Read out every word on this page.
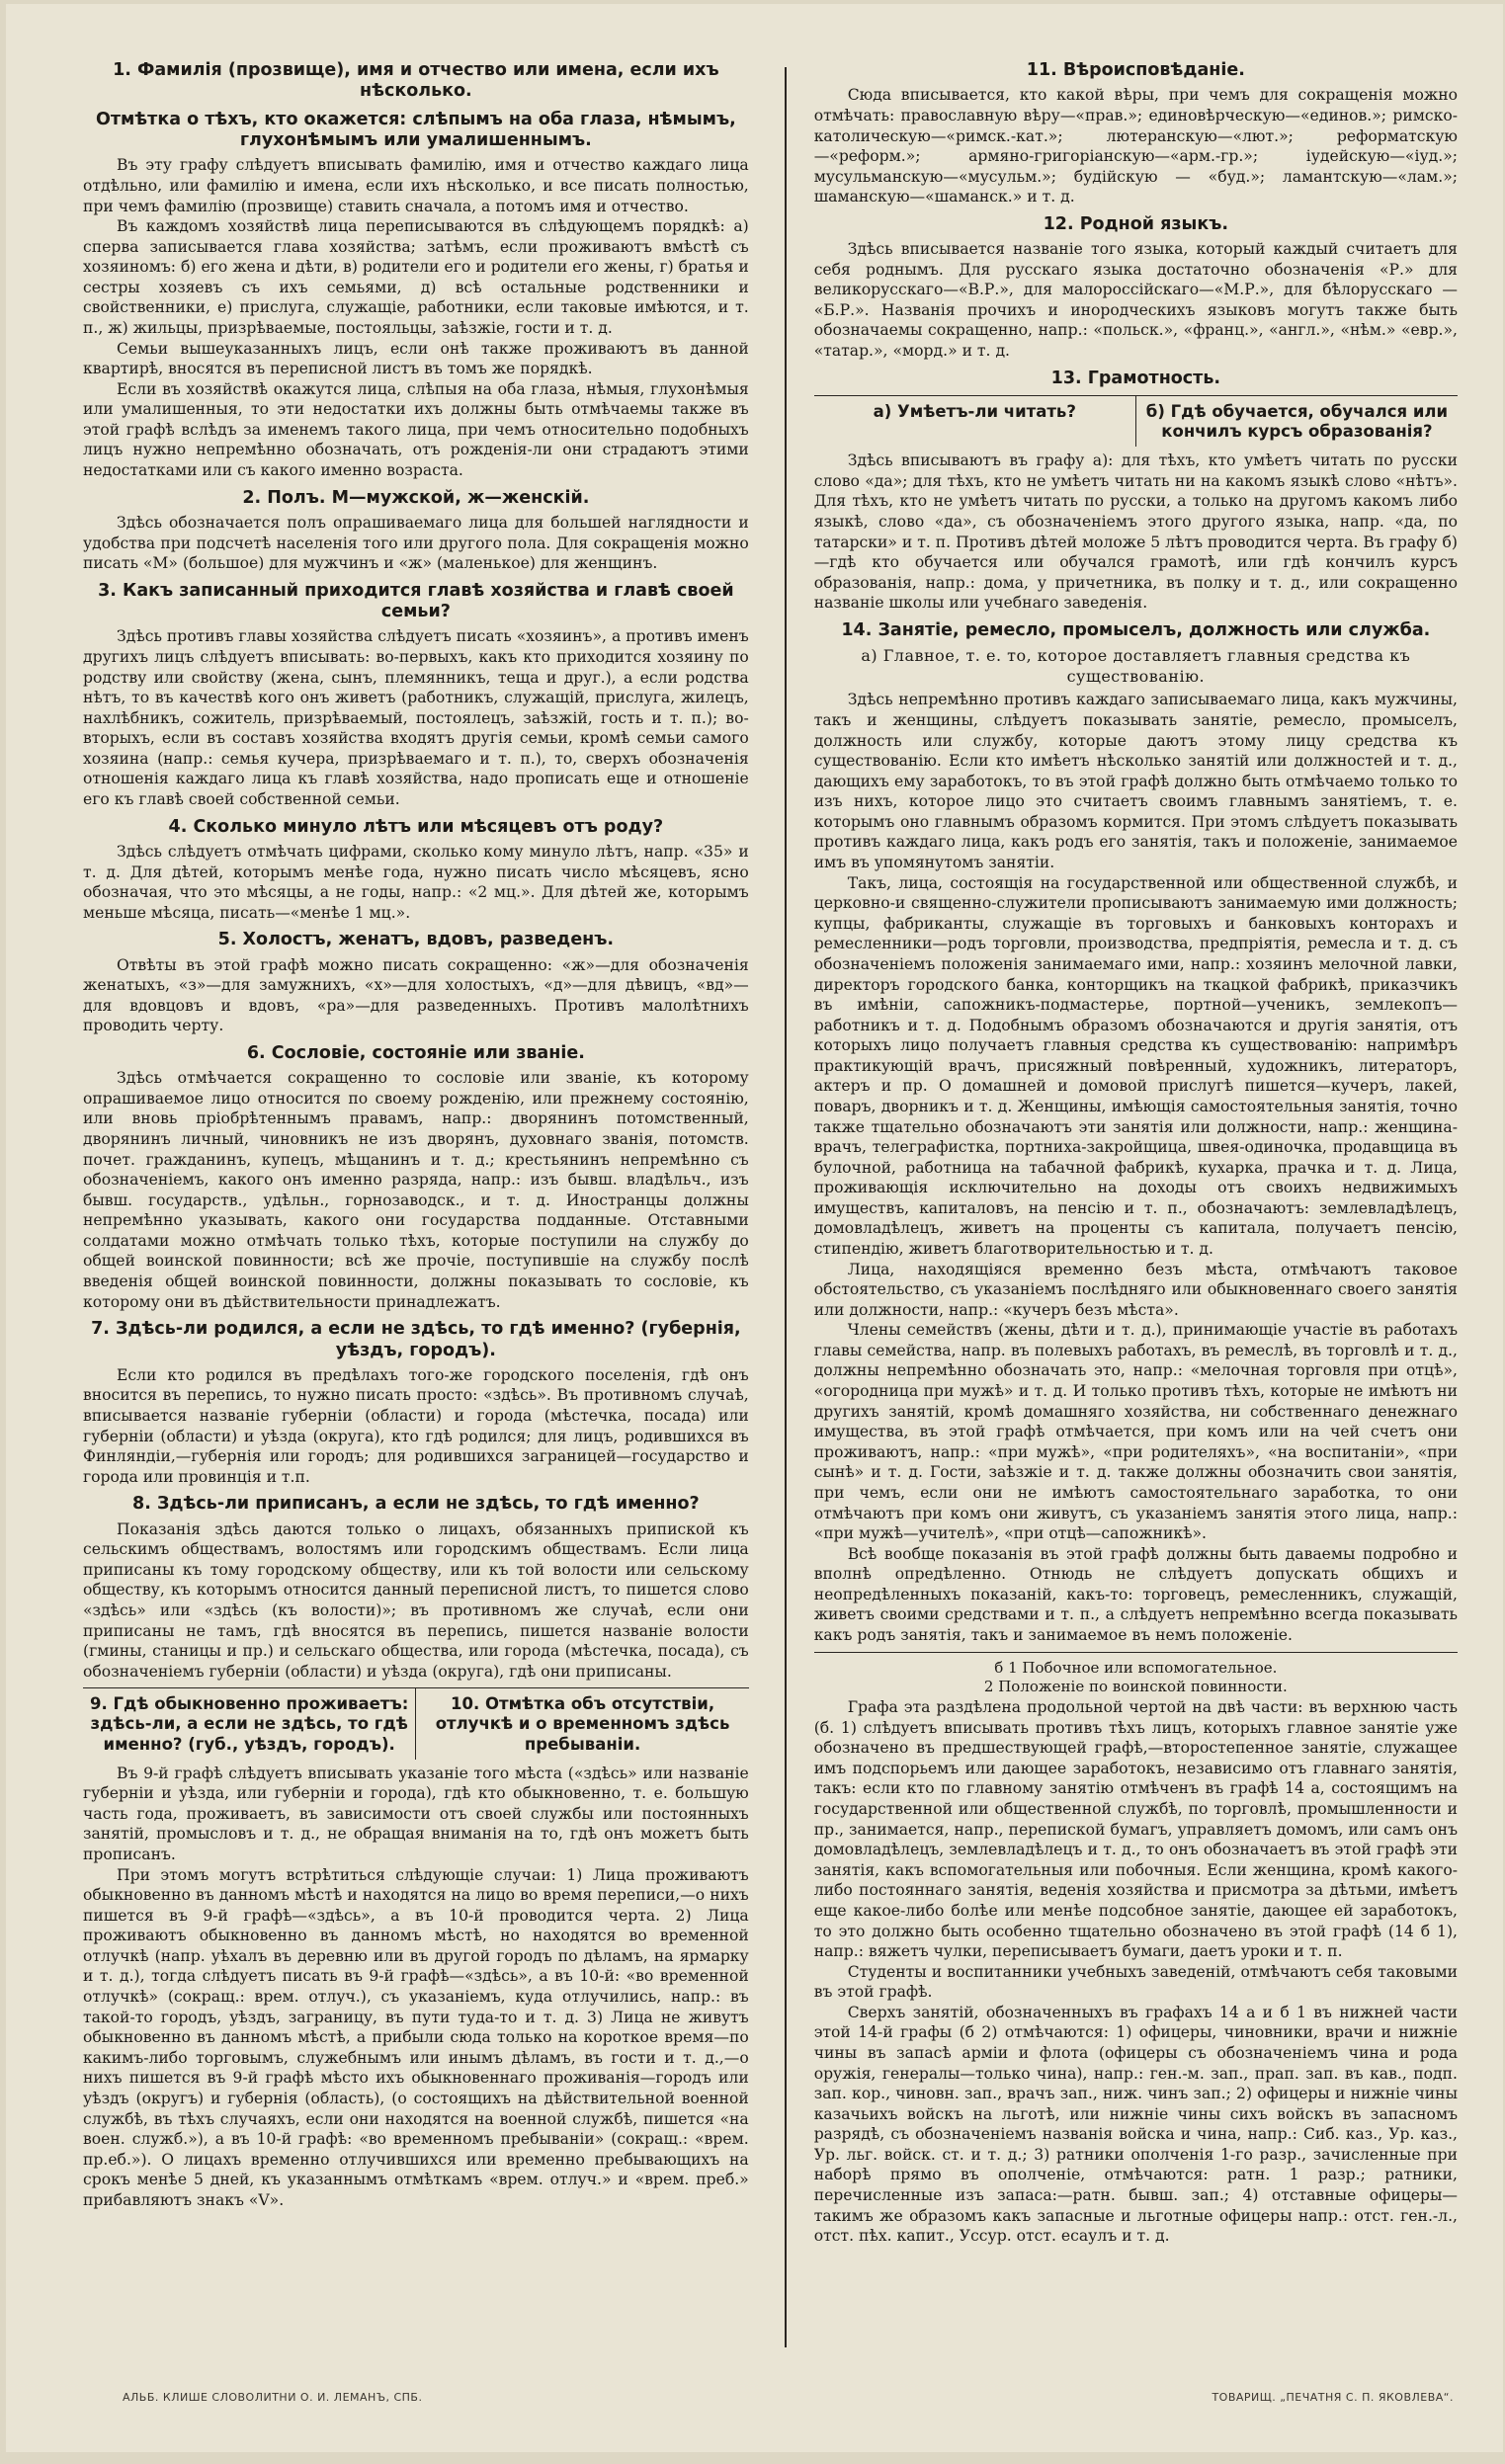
1. Фамилія (прозвище), имя и отчество или имена, если ихъ нѣсколько.
Отмѣтка о тѣхъ, кто окажется: слѣпымъ на оба глаза, нѣмымъ, глухонѣмымъ или умалишеннымъ.

Въ эту графу слѣдуетъ вписывать фамилію, имя и отчество каждаго лица отдѣльно, или фамилію и имена, если ихъ нѣсколько, и все писать полностью, при чемъ фамилію (прозвище) ставить сначала, а потомъ имя и отчество.

Въ каждомъ хозяйствѣ лица переписываются въ слѣдующемъ порядкѣ: а) сперва записывается глава хозяйства; затѣмъ, если проживаютъ вмѣстѣ съ хозяиномъ: б) его жена и дѣти, в) родители его и родители его жены, г) братья и сестры хозяевъ съ ихъ семьями, д) всѣ остальные родственники и свойственники, е) прислуга, служащіе, работники, если таковые имѣются, и т. п., ж) жильцы, призрѣваемые, постояльцы, заѣзжіе, гости и т. д.

Семьи вышеуказанныхъ лицъ, если онѣ также проживаютъ въ данной квартирѣ, вносятся въ переписной листъ въ томъ же порядкѣ.

Если въ хозяйствѣ окажутся лица, слѣпыя на оба глаза, нѣмыя, глухонѣмыя или умалишенныя, то эти недостатки ихъ должны быть отмѣчаемы также въ этой графѣ вслѣдъ за именемъ такого лица, при чемъ относительно подобныхъ лицъ нужно непремѣнно обозначать, отъ рожденія-ли они страдаютъ этими недостатками или съ какого именно возраста.

2. Полъ. М—мужской, ж—женскій.

Здѣсь обозначается полъ опрашиваемаго лица для большей наглядности и удобства при подсчетѣ населенія того или другого пола. Для сокращенія можно писать «М» (большое) для мужчинъ и «ж» (маленькое) для женщинъ.

3. Какъ записанный приходится главѣ хозяйства и главѣ своей семьи?

Здѣсь противъ главы хозяйства слѣдуетъ писать «хозяинъ», а противъ именъ другихъ лицъ слѣдуетъ вписывать: во-первыхъ, какъ кто приходится хозяину по родству или свойству (жена, сынъ, племянникъ, теща и друг.), а если родства нѣтъ, то въ качествѣ кого онъ живетъ (работникъ, служащій, прислуга, жилецъ, нахлѣбникъ, сожитель, призрѣваемый, постоялецъ, заѣзжій, гость и т. п.); во-вторыхъ, если въ составъ хозяйства входятъ другія семьи, кромѣ семьи самого хозяина (напр.: семья кучера, призрѣваемаго и т. п.), то, сверхъ обозначенія отношенія каждаго лица къ главѣ хозяйства, надо прописать еще и отношеніе его къ главѣ своей собственной семьи.

4. Сколько минуло лѣтъ или мѣсяцевъ отъ роду?

Здѣсь слѣдуетъ отмѣчать цифрами, сколько кому минуло лѣтъ, напр. «35» и т. д. Для дѣтей, которымъ менѣе года, нужно писать число мѣсяцевъ, ясно обозначая, что это мѣсяцы, а не годы, напр.: «2 мц.». Для дѣтей же, которымъ меньше мѣсяца, писать—«менѣе 1 мц.».

5. Холостъ, женатъ, вдовъ, разведенъ.

Отвѣты въ этой графѣ можно писать сокращенно: «ж»—для обозначенія женатыхъ, «з»—для замужнихъ, «х»—для холостыхъ, «д»—для дѣвицъ, «вд»—для вдовцовъ и вдовъ, «ра»—для разведенныхъ. Противъ малолѣтнихъ проводить черту.

6. Сословіе, состояніе или званіе.

Здѣсь отмѣчается сокращенно то сословіе или званіе, къ которому опрашиваемое лицо относится по своему рожденію, или прежнему состоянію, или вновь пріобрѣтеннымъ правамъ, напр.: дворянинъ потомственный, дворянинъ личный, чиновникъ не изъ дворянъ, духовнаго званія, потомств. почет. гражданинъ, купецъ, мѣщанинъ и т. д.; крестьянинъ непремѣнно съ обозначеніемъ, какого онъ именно разряда, напр.: изъ бывш. владѣльч., изъ бывш. государств., удѣльн., горнозаводск., и т. д. Иностранцы должны непремѣнно указывать, какого они государства подданные. Отставными солдатами можно отмѣчать только тѣхъ, которые поступили на службу до общей воинской повинности; всѣ же прочіе, поступившіе на службу послѣ введенія общей воинской повинности, должны показывать то сословіе, къ которому они въ дѣйствительности принадлежатъ.

7. Здѣсь-ли родился, а если не здѣсь, то гдѣ именно? (губернія, уѣздъ, городъ).

Если кто родился въ предѣлахъ того-же городского поселенія, гдѣ онъ вносится въ перепись, то нужно писать просто: «здѣсь». Въ противномъ случаѣ, вписывается названіе губерніи (области) и города (мѣстечка, посада) или губерніи (области) и уѣзда (округа), кто гдѣ родился; для лицъ, родившихся въ Финляндіи,—губернія или городъ; для родившихся заграницей—государство и города или провинція и т.п.

8. Здѣсь-ли приписанъ, а если не здѣсь, то гдѣ именно?

Показанія здѣсь даются только о лицахъ, обязанныхъ припиской къ сельскимъ обществамъ, волостямъ или городскимъ обществамъ. Если лица приписаны къ тому городскому обществу, или къ той волости или сельскому обществу, къ которымъ относится данный переписной листъ, то пишется слово «здѣсь» или «здѣсь (къ волости)»; въ противномъ же случаѣ, если они приписаны не тамъ, гдѣ вносятся въ перепись, пишется названіе волости (гмины, станицы и пр.) и сельскаго общества, или города (мѣстечка, посада), съ обозначеніемъ губерніи (области) и уѣзда (округа), гдѣ они приписаны.

9. Гдѣ обыкновенно проживаетъ: здѣсь-ли, а если не здѣсь, то гдѣ именно? (губ., уѣздъ, городъ).
10. Отмѣтка объ отсутствіи, отлучкѣ и о временномъ здѣсь пребываніи.

Въ 9-й графѣ слѣдуетъ вписывать указаніе того мѣста («здѣсь» или названіе губерніи и уѣзда, или губерніи и города), гдѣ кто обыкновенно, т. е. большую часть года, проживаетъ, въ зависимости отъ своей службы или постоянныхъ занятій, промысловъ и т. д., не обращая вниманія на то, гдѣ онъ можетъ быть прописанъ.

При этомъ могутъ встрѣтиться слѣдующіе случаи: 1) Лица проживаютъ обыкновенно въ данномъ мѣстѣ и находятся на лицо во время переписи,—о нихъ пишется въ 9-й графѣ—«здѣсь», а въ 10-й проводится черта. 2) Лица проживаютъ обыкновенно въ данномъ мѣстѣ, но находятся во временной отлучкѣ (напр. уѣхалъ въ деревню или въ другой городъ по дѣламъ, на ярмарку и т. д.), тогда слѣдуетъ писать въ 9-й графѣ—«здѣсь», а въ 10-й: «во временной отлучкѣ» (сокращ.: врем. отлуч.), съ указаніемъ, куда отлучились, напр.: въ такой-то городъ, уѣздъ, заграницу, въ пути туда-то и т. д. 3) Лица не живутъ обыкновенно въ данномъ мѣстѣ, а прибыли сюда только на короткое время—по какимъ-либо торговымъ, служебнымъ или инымъ дѣламъ, въ гости и т. д.,—о нихъ пишется въ 9-й графѣ мѣсто ихъ обыкновеннаго проживанія—городъ или уѣздъ (округъ) и губернія (область), (о состоящихъ на дѣйствительной военной службѣ, въ тѣхъ случаяхъ, если они находятся на военной службѣ, пишется «на воен. служб.»), а въ 10-й графѣ: «во временномъ пребываніи» (сокращ.: «врем. пр.еб.»). О лицахъ временно отлучившихся или временно пребывающихъ на срокъ менѣе 5 дней, къ указаннымъ отмѣткамъ «врем. отлуч.» и «врем. преб.» прибавляютъ знакъ «V».

11. Вѣроисповѣданіе.

Сюда вписывается, кто какой вѣры, при чемъ для сокращенія можно отмѣчать: православную вѣру—«прав.»; единовѣрческую—«единов.»; римско-католическую—«римск.-кат.»; лютеранскую—«лют.»; реформатскую—«реформ.»; армяно-григоріанскую—«арм.-гр.»; іудейскую—«іуд.»; мусульманскую—«мусульм.»; будійскую — «буд.»; ламантскую—«лам.»; шаманскую—«шаманск.» и т. д.

12. Родной языкъ.

Здѣсь вписывается названіе того языка, который каждый считаетъ для себя роднымъ. Для русскаго языка достаточно обозначенія «Р.» для великорусскаго—«В.Р.», для малороссійскаго—«М.Р.», для бѣлорусскаго — «Б.Р.». Названія прочихъ и инородческихъ языковъ могутъ также быть обозначаемы сокращенно, напр.: «польск.», «франц.», «англ.», «нѣм.» «евр.», «татар.», «морд.» и т. д.

13. Грамотность.
а) Умѣетъ-ли читать?	б) Гдѣ обучается, обучался или кончилъ курсъ образованія?

Здѣсь вписываютъ въ графу а): для тѣхъ, кто умѣетъ читать по русски слово «да»; для тѣхъ, кто не умѣетъ читать ни на какомъ языкѣ слово «нѣтъ». Для тѣхъ, кто не умѣетъ читать по русски, а только на другомъ какомъ либо языкѣ, слово «да», съ обозначеніемъ этого другого языка, напр. «да, по татарски» и т. п. Противъ дѣтей моложе 5 лѣтъ проводится черта. Въ графу б)—гдѣ кто обучается или обучался грамотѣ, или гдѣ кончилъ курсъ образованія, напр.: дома, у причетника, въ полку и т. д., или сокращенно названіе школы или учебнаго заведенія.

14. Занятіе, ремесло, промыселъ, должность или служба.
а) Главное, т. е. то, которое доставляетъ главныя средства къ существованію.

Здѣсь непремѣнно противъ каждаго записываемаго лица, какъ мужчины, такъ и женщины, слѣдуетъ показывать занятіе, ремесло, промыселъ, должность или службу, которые даютъ этому лицу средства къ существованію. Если кто имѣетъ нѣсколько занятій или должностей и т. д., дающихъ ему заработокъ, то въ этой графѣ должно быть отмѣчаемо только то изъ нихъ, которое лицо это считаетъ своимъ главнымъ занятіемъ, т. е. которымъ оно главнымъ образомъ кормится. При этомъ слѣдуетъ показывать противъ каждаго лица, какъ родъ его занятія, такъ и положеніе, занимаемое имъ въ упомянутомъ занятіи.

Такъ, лица, состоящія на государственной или общественной службѣ, и церковно-и священно-служители прописываютъ занимаемую ими должность; купцы, фабриканты, служащіе въ торговыхъ и банковыхъ конторахъ и ремесленники—родъ торговли, производства, предпріятія, ремесла и т. д. съ обозначеніемъ положенія занимаемаго ими, напр.: хозяинъ мелочной лавки, директоръ городского банка, конторщикъ на ткацкой фабрикѣ, приказчикъ въ имѣніи, сапожникъ-подмастерье, портной—ученикъ, землекопъ—работникъ и т. д. Подобнымъ образомъ обозначаются и другія занятія, отъ которыхъ лицо получаетъ главныя средства къ существованію: напримѣръ практикующій врачъ, присяжный повѣренный, художникъ, литераторъ, актеръ и пр. О домашней и домовой прислугѣ пишется—кучеръ, лакей, поваръ, дворникъ и т. д. Женщины, имѣющія самостоятельныя занятія, точно также тщательно обозначаютъ эти занятія или должности, напр.: женщина-врачъ, телеграфистка, портниха-закройщица, швея-одиночка, продавщица въ булочной, работница на табачной фабрикѣ, кухарка, прачка и т. д. Лица, проживающія исключительно на доходы отъ своихъ недвижимыхъ имуществъ, капиталовъ, на пенсію и т. п., обозначаютъ: землевладѣлецъ, домовладѣлецъ, живетъ на проценты съ капитала, получаетъ пенсію, стипендію, живетъ благотворительностью и т. д.

Лица, находящіяся временно безъ мѣста, отмѣчаютъ таковое обстоятельство, съ указаніемъ послѣдняго или обыкновеннаго своего занятія или должности, напр.: «кучеръ безъ мѣста».

Члены семействъ (жены, дѣти и т. д.), принимающіе участіе въ работахъ главы семейства, напр. въ полевыхъ работахъ, въ ремеслѣ, въ торговлѣ и т. д., должны непремѣнно обозначать это, напр.: «мелочная торговля при отцѣ», «огородница при мужѣ» и т. д. И только противъ тѣхъ, которые не имѣютъ ни другихъ занятій, кромѣ домашняго хозяйства, ни собственнаго денежнаго имущества, въ этой графѣ отмѣчается, при комъ или на чей счетъ они проживаютъ, напр.: «при мужѣ», «при родителяхъ», «на воспитаніи», «при сынѣ» и т. д. Гости, заѣзжіе и т. д. также должны обозначить свои занятія, при чемъ, если они не имѣютъ самостоятельнаго заработка, то они отмѣчаютъ при комъ они живутъ, съ указаніемъ занятія этого лица, напр.: «при мужѣ—учителѣ», «при отцѣ—сапожникѣ».

Всѣ вообще показанія въ этой графѣ должны быть даваемы подробно и вполнѣ опредѣленно. Отнюдь не слѣдуетъ допускать общихъ и неопредѣленныхъ показаній, какъ-то: торговецъ, ремесленникъ, служащій, живетъ своими средствами и т. п., а слѣдуетъ непремѣнно всегда показывать какъ родъ занятія, такъ и занимаемое въ немъ положеніе.

б 1 Побочное или вспомогательное.
2 Положеніе по воинской повинности.

Графа эта раздѣлена продольной чертой на двѣ части: въ верхнюю часть (б. 1) слѣдуетъ вписывать противъ тѣхъ лицъ, которыхъ главное занятіе уже обозначено въ предшествующей графѣ,—второстепенное занятіе, служащее имъ подспорьемъ или дающее заработокъ, независимо отъ главнаго занятія, такъ: если кто по главному занятію отмѣченъ въ графѣ 14 а, состоящимъ на государственной или общественной службѣ, по торговлѣ, промышленности и пр., занимается, напр., перепиской бумагъ, управляетъ домомъ, или самъ онъ домовладѣлецъ, землевладѣлецъ и т. д., то онъ обозначаетъ въ этой графѣ эти занятія, какъ вспомогательныя или побочныя. Если женщина, кромѣ какого-либо постояннаго занятія, веденія хозяйства и присмотра за дѣтьми, имѣетъ еще какое-либо болѣе или менѣе подсобное занятіе, дающее ей заработокъ, то это должно быть особенно тщательно обозначено въ этой графѣ (14 б 1), напр.: вяжетъ чулки, переписываетъ бумаги, даетъ уроки и т. п.

Студенты и воспитанники учебныхъ заведеній, отмѣчаютъ себя таковыми въ этой графѣ.

Сверхъ занятій, обозначенныхъ въ графахъ 14 а и б 1 въ нижней части этой 14-й графы (б 2) отмѣчаются: 1) офицеры, чиновники, врачи и нижніе чины въ запасѣ арміи и флота (офицеры съ обозначеніемъ чина и рода оружія, генералы—только чина), напр.: ген.-м. зап., прап. зап. въ кав., подп. зап. кор., чиновн. зап., врачъ зап., ниж. чинъ зап.; 2) офицеры и нижніе чины казачьихъ войскъ на льготѣ, или нижніе чины сихъ войскъ въ запасномъ разрядѣ, съ обозначеніемъ названія войска и чина, напр.: Сиб. каз., Ур. каз., Ур. льг. войск. ст. и т. д.; 3) ратники ополченія 1-го разр., зачисленные при наборѣ прямо въ ополченіе, отмѣчаются: ратн. 1 разр.; ратники, перечисленные изъ запаса:—ратн. бывш. зап.; 4) отставные офицеры—такимъ же образомъ какъ запасные и льготные офицеры напр.: отст. ген.-л., отст. пѣх. капит., Уссур. отст. есаулъ и т. д.

АЛЬБ. КЛИШЕ СЛОВОЛИТНИ О. И. ЛЕМАНЪ, СПБ.	ТОВАРИЩ. „ПЕЧАТНЯ С. П. ЯКОВЛЕВА“.
